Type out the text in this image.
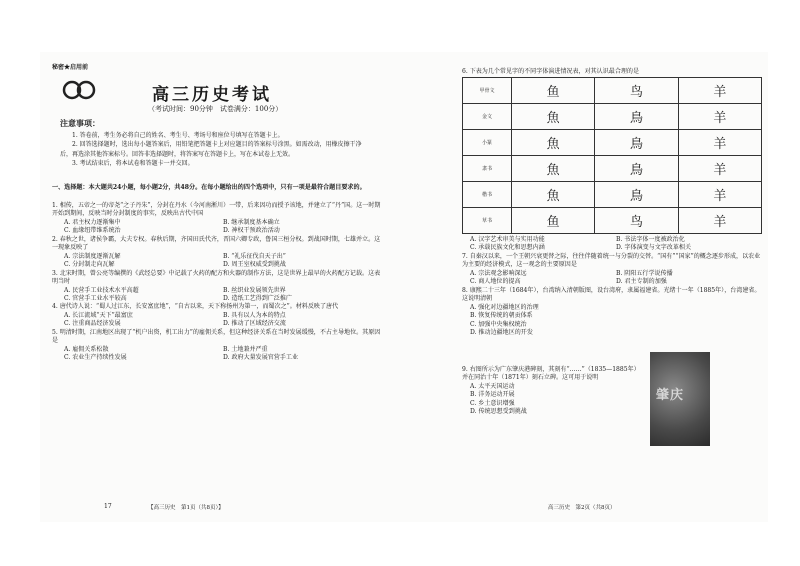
秘密★启用前
高三历史考试
（考试时间：90分钟　试卷满分：100分）
注意事项：
1. 答卷前，考生务必将自己的姓名、考生号、考场号和座位号填写在答题卡上。
2. 回答选择题时，选出每小题答案后，用铅笔把答题卡上对应题目的答案标号涂黑。如需改动，用橡皮擦干净后，再选涂其他答案标号。回答非选择题时，将答案写在答题卡上，写在本试卷上无效。
3. 考试结束后，将本试卷和答题卡一并交回。
一、选择题：本大题共24小题，每小题2分，共48分。在每小题给出的四个选项中，只有一项是最符合题目要求的。

1. 相传，五帝之一的帝尧“之子丹朱”，分封在丹水（今河南淅川）一带，后来因功而授予该地，并建立了“丹”国。这一时期开始到期间，反映当时分封制度的事实，反映出古代中国

A. 君主权力逐渐集中	B. 继承制度基本确立
C. 血缘纽带维系统治	D. 神权干预政治活动

2. 春秋之世，诸侯争霸，大夫专权。春秋后期，齐国田氏代齐，晋国六卿专政，鲁国三桓分权。到战国时期，七雄并立。这一现象反映了

A. 宗法制度逐渐瓦解	B. “礼乐征伐自天子出”
C. 分封制走向瓦解	D. 周王室权威受到挑战

3. 北宋时期，曾公亮等编撰的《武经总要》中记载了火药的配方和火器的制作方法，这是世界上最早的火药配方记载。这表明当时

A. 民营手工业技术水平高超	B. 丝织业发展领先世界
C. 官营手工业水平较高	D. 造纸工艺得到广泛推广

4. 唐代诗人说：“蜀人过江东，长安富庶地”，“自古以来，天下称扬州为第一，而蜀次之”。材料反映了唐代

A. 长江流域“天下”最富庶	B. 具有以人为本的特点
C. 注重商品经济发展	D. 推动了区域经济交流

5. 明清时期，江南地区出现了“机户出资，机工出力”的雇佣关系，但这种经济关系在当时发展缓慢，不占主导地位。其原因是

A. 雇佣关系松散	B. 土地兼并严重
C. 农业生产持续性发展	D. 政府大量发展官营手工业
17	【高三历史　第1页（共8页）】
6. 下表为几个常见字的不同字体演进情况表，对其认识最合理的是
甲骨文	鱼	鸟	羊
金文	魚	鳥	羊
小篆	魚	鳥	羊
隶书	魚	鳥	羊
楷书	魚	鳥	羊
草书	鱼	鸟	羊
A. 汉字艺术审美与实用功能	B. 书法字体一度被政治化
C. 承载民族文化和思想内涵	D. 字体演变与文字改革相关

7. 自秦汉以来，一个王朝兴衰更替之际，往往伴随着统一与分裂的交替。“国有”“国家”的概念逐步形成，以农业为主要的经济模式，这一观念的主要原因是

A. 宗法观念影响深远	B. 阴阳五行学说传播
C. 商人地位的提高	D. 君主专制的加强

8. 康熙二十三年（1684年），台湾纳入清朝版图，设台湾府，隶属福建省。光绪十一年（1885年），台湾建省。这说明清朝

A. 强化对边疆地区的治理
B. 恢复传统的朝贡体系
C. 加强中央集权统治
D. 推动边疆地区的开发

9. 右图所示为广东肇庆港碑刻，其刻有“……”（1835—1885年）并在同治十年（1871年）刻石立碑。这可用于说明

A. 太平天国运动
B. 洋务运动开展
C. 乡土意识增强
D. 传统思想受到挑战
肇庆
高三历史　第2页（共8页）
